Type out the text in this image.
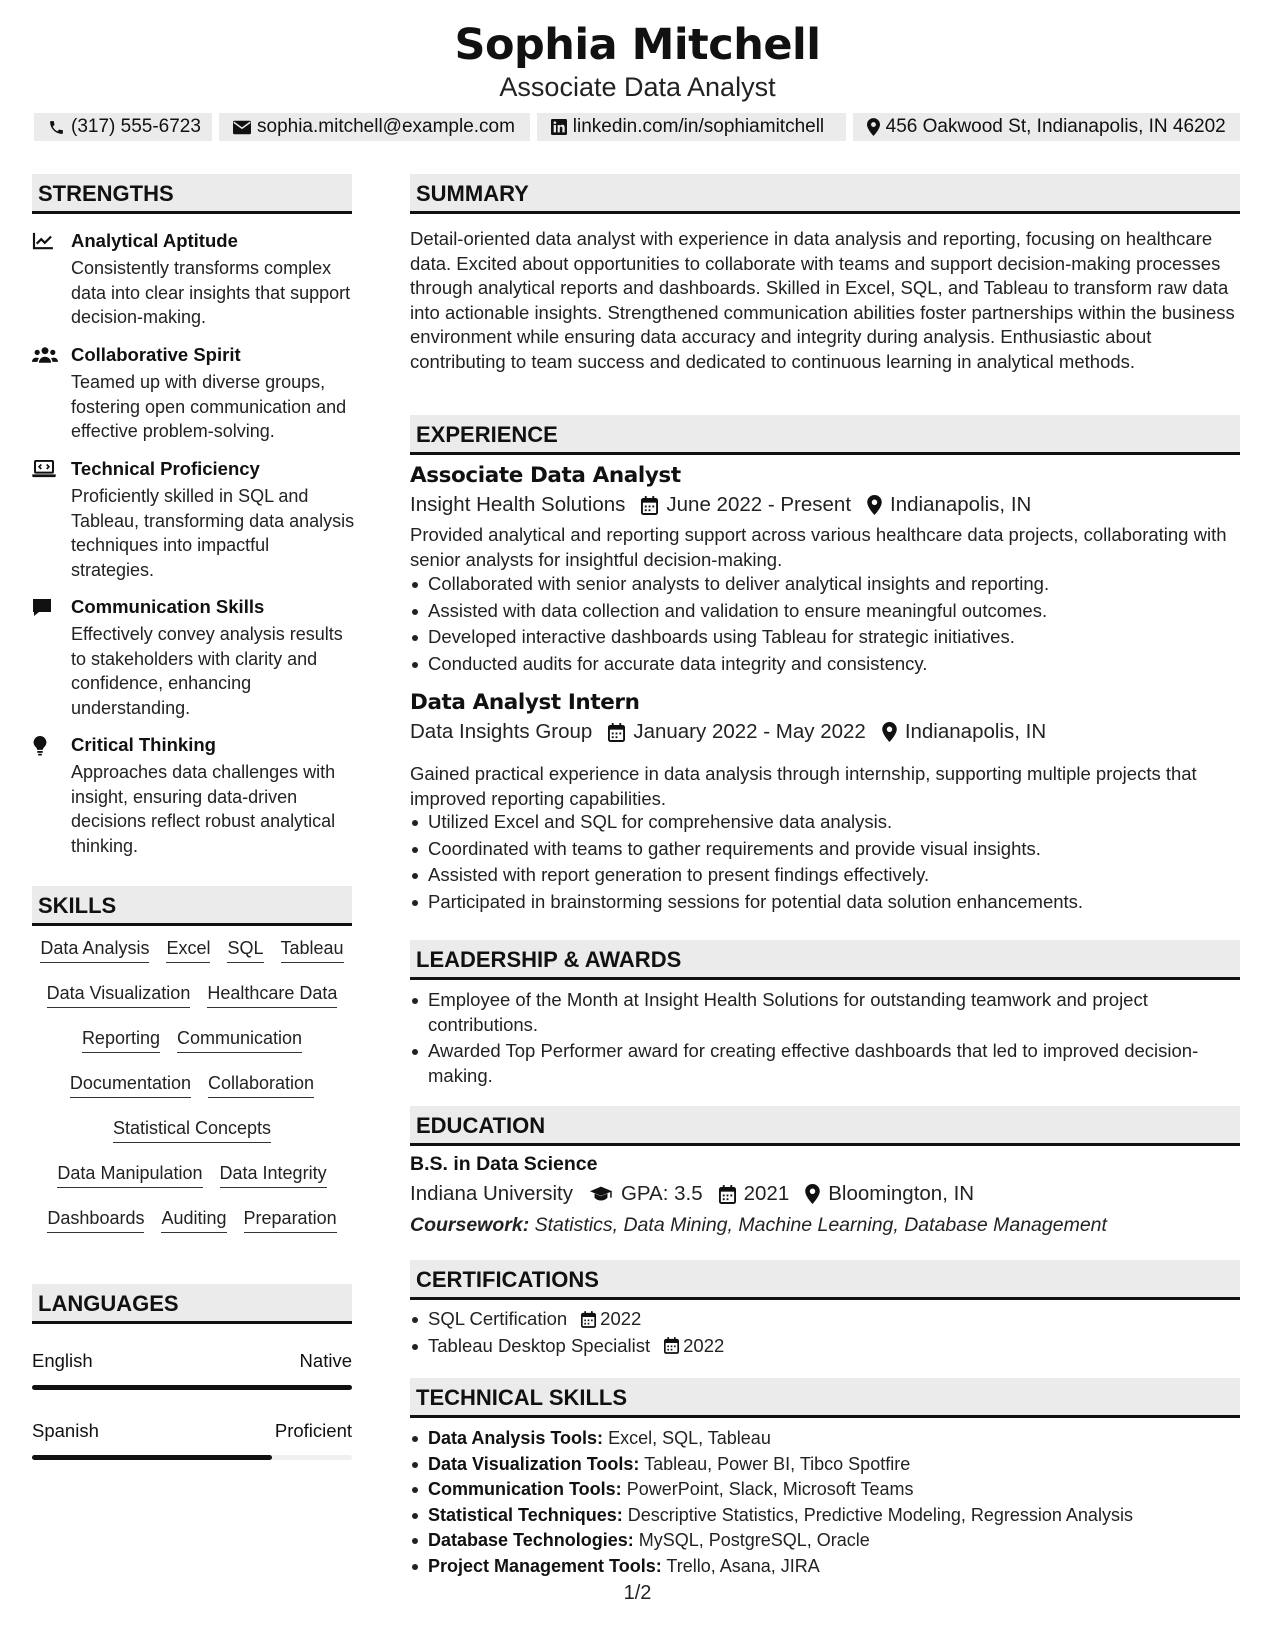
Sophia Mitchell
Associate Data Analyst
(317) 555-6723	sophia.mitchell@example.com	linkedin.com/in/sophiamitchell	456 Oakwood St, Indianapolis, IN 46202
STRENGTHS
Analytical Aptitude
Consistently transforms complex data into clear insights that support decision-making.
Collaborative Spirit
Teamed up with diverse groups, fostering open communication and effective problem-solving.
Technical Proficiency
Proficiently skilled in SQL and Tableau, transforming data analysis techniques into impactful strategies.
Communication Skills
Effectively convey analysis results to stakeholders with clarity and confidence, enhancing understanding.
Critical Thinking
Approaches data challenges with insight, ensuring data-driven decisions reflect robust analytical thinking.
SKILLS
Data Analysis Excel SQL Tableau
Data Visualization Healthcare Data
Reporting Communication
Documentation Collaboration
Statistical Concepts
Data Manipulation Data Integrity
Dashboards Auditing Preparation
LANGUAGES
English	Native
Spanish	Proficient
SUMMARY
Detail-oriented data analyst with experience in data analysis and reporting, focusing on healthcare data. Excited about opportunities to collaborate with teams and support decision-making processes through analytical reports and dashboards. Skilled in Excel, SQL, and Tableau to transform raw data into actionable insights. Strengthened communication abilities foster partnerships within the business environment while ensuring data accuracy and integrity during analysis. Enthusiastic about contributing to team success and dedicated to continuous learning in analytical methods.
EXPERIENCE
Associate Data Analyst
Insight Health Solutions June 2022 - Present Indianapolis, IN
Provided analytical and reporting support across various healthcare data projects, collaborating with senior analysts for insightful decision-making.
Collaborated with senior analysts to deliver analytical insights and reporting.
Assisted with data collection and validation to ensure meaningful outcomes.
Developed interactive dashboards using Tableau for strategic initiatives.
Conducted audits for accurate data integrity and consistency.
Data Analyst Intern
Data Insights Group January 2022 - May 2022 Indianapolis, IN
Gained practical experience in data analysis through internship, supporting multiple projects that improved reporting capabilities.
Utilized Excel and SQL for comprehensive data analysis.
Coordinated with teams to gather requirements and provide visual insights.
Assisted with report generation to present findings effectively.
Participated in brainstorming sessions for potential data solution enhancements.
LEADERSHIP & AWARDS
Employee of the Month at Insight Health Solutions for outstanding teamwork and project contributions.
Awarded Top Performer award for creating effective dashboards that led to improved decision-making.
EDUCATION
B.S. in Data Science
Indiana University GPA: 3.5 2021 Bloomington, IN
Coursework: Statistics, Data Mining, Machine Learning, Database Management
CERTIFICATIONS
SQL Certification 2022
Tableau Desktop Specialist 2022
TECHNICAL SKILLS
Data Analysis Tools: Excel, SQL, Tableau
Data Visualization Tools: Tableau, Power BI, Tibco Spotfire
Communication Tools: PowerPoint, Slack, Microsoft Teams
Statistical Techniques: Descriptive Statistics, Predictive Modeling, Regression Analysis
Database Technologies: MySQL, PostgreSQL, Oracle
Project Management Tools: Trello, Asana, JIRA
1/2
